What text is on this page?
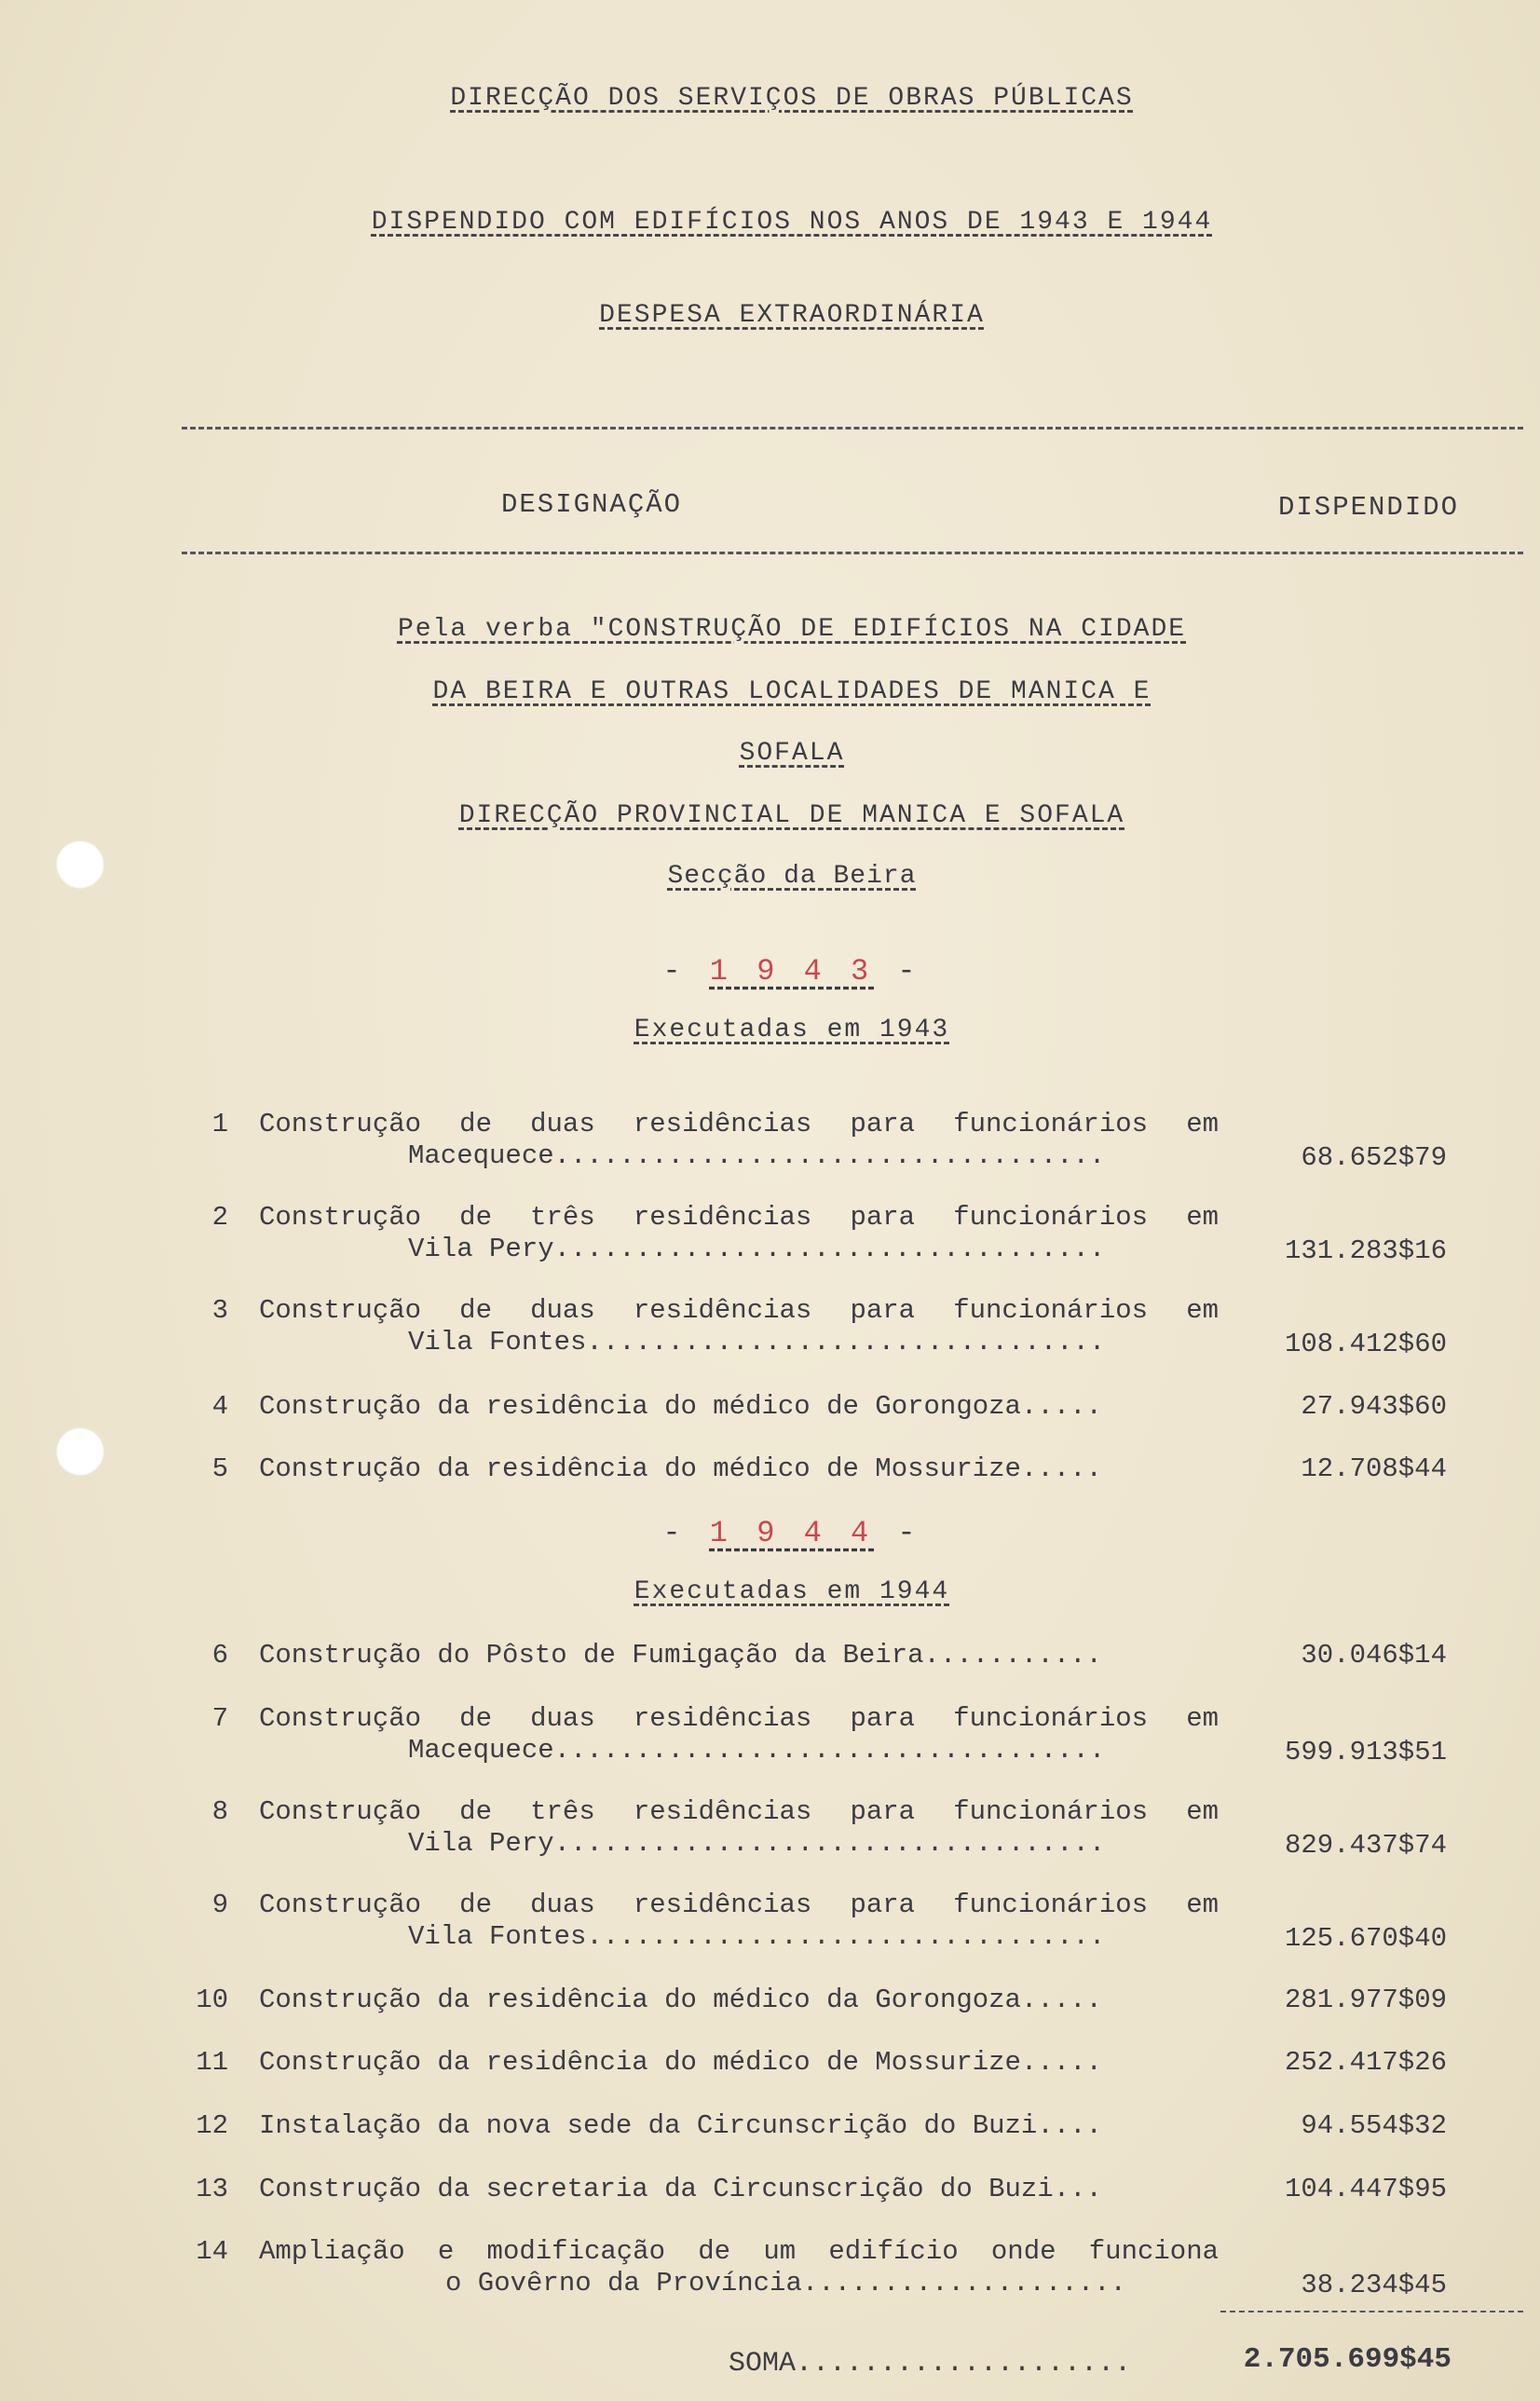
DIRECÇÃO DOS SERVIÇOS DE OBRAS PÚBLICAS
DISPENDIDO COM EDIFÍCIOS NOS ANOS DE 1943 E 1944
DESPESA EXTRAORDINÁRIA
DESIGNAÇÃO	DISPENDIDO
Pela verba "CONSTRUÇÃO DE EDIFÍCIOS NA CIDADE
DA BEIRA E OUTRAS LOCALIDADES DE MANICA E
SOFALA
DIRECÇÃO PROVINCIAL DE MANICA E SOFALA
Secção da Beira
- 1 9 4 3 -
Executadas em 1943
1 Construção de duas residências para funcionários em
Macequece..................................	68.652$79
2 Construção de três residências para funcionários em
Vila Pery..................................	131.283$16
3 Construção de duas residências para funcionários em
Vila Fontes................................	108.412$60
4 Construção da residência do médico de Gorongoza.....	27.943$60
5 Construção da residência do médico de Mossurize.....	12.708$44
- 1 9 4 4 -
Executadas em 1944
6 Construção do Pôsto de Fumigação da Beira...........	30.046$14
7 Construção de duas residências para funcionários em
Macequece..................................	599.913$51
8 Construção de três residências para funcionários em
Vila Pery..................................	829.437$74
9 Construção de duas residências para funcionários em
Vila Fontes................................	125.670$40
10 Construção da residência do médico da Gorongoza.....	281.977$09
11 Construção da residência do médico de Mossurize.....	252.417$26
12 Instalação da nova sede da Circunscrição do Buzi....	94.554$32
13 Construção da secretaria da Circunscrição do Buzi...	104.447$95
14 Ampliação e modificação de um edifício onde funciona
o Govêrno da Província....................	38.234$45
SOMA....................	2.705.699$45
